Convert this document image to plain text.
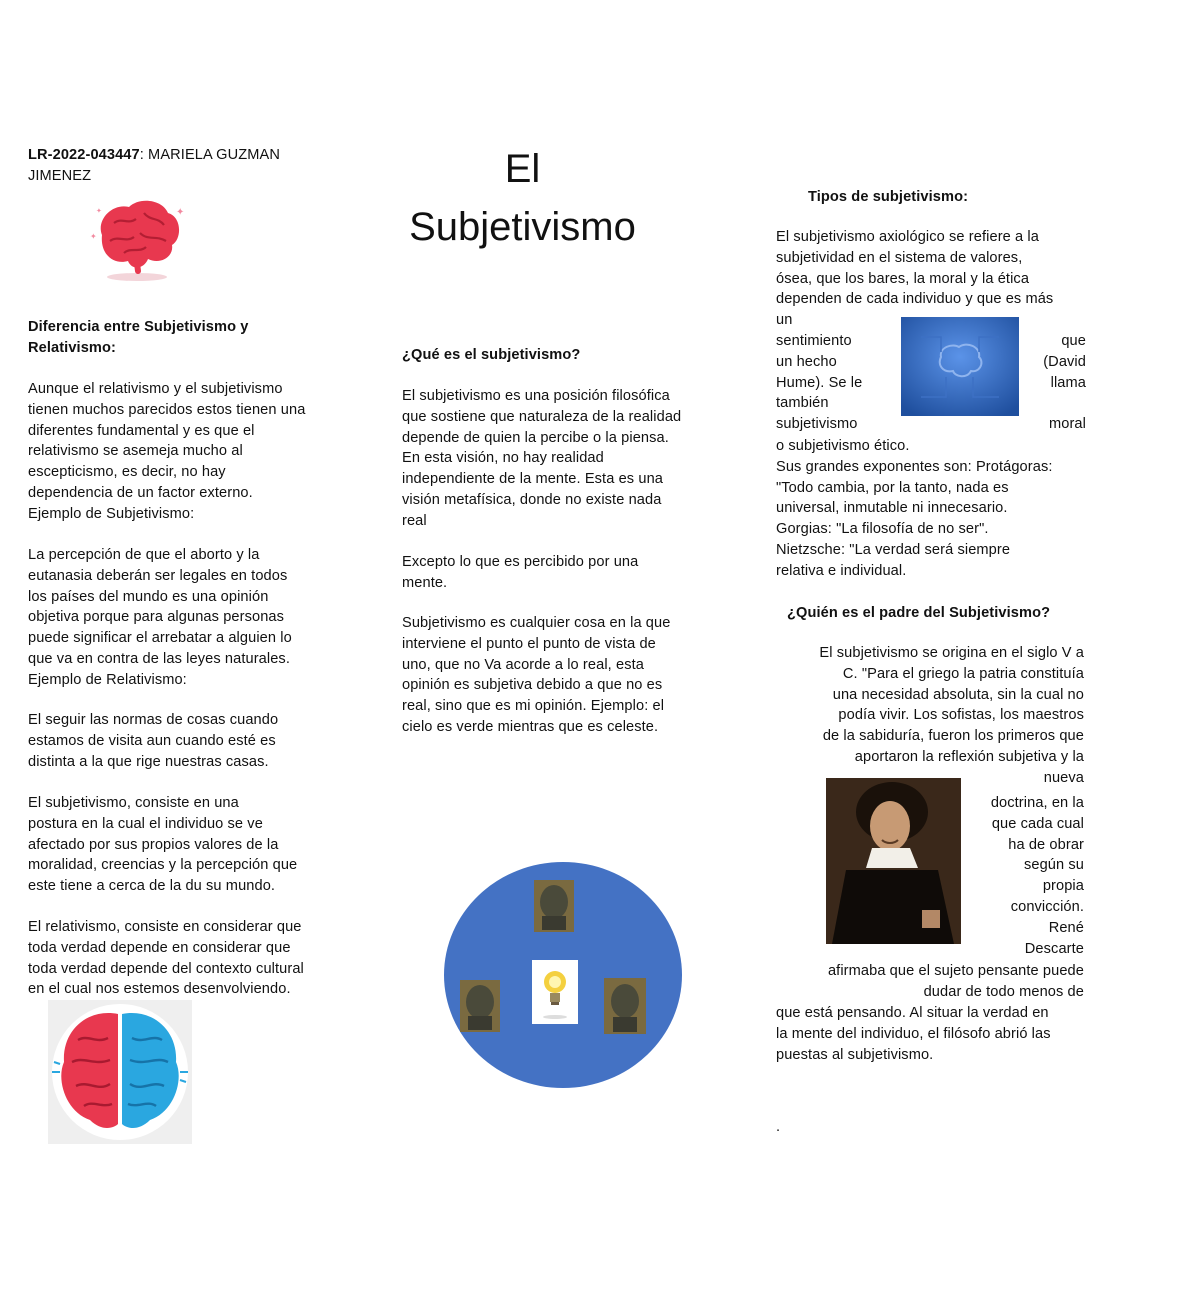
LR-2022-043447: MARIELA GUZMAN
JIMENEZ
✦
✦
✦
Diferencia entre Subjetivismo y
Relativismo:
Aunque el relativismo y el subjetivismo
tienen muchos parecidos estos tienen una
diferentes fundamental y es que el
relativismo se asemeja mucho al
escepticismo, es decir, no hay
dependencia de un factor externo.
Ejemplo de Subjetivismo:
La percepción de que el aborto y la
eutanasia deberán ser legales en todos
los países del mundo es una opinión
objetiva porque para algunas personas
puede significar el arrebatar a alguien lo
que va en contra de las leyes naturales.
Ejemplo de Relativismo:
El seguir las normas de cosas cuando
estamos de visita aun cuando esté es
distinta a la que rige nuestras casas.
El subjetivismo, consiste en una
postura en la cual el individuo se ve
afectado por sus propios valores de la
moralidad, creencias y la percepción que
este tiene a cerca de la du su mundo.
El relativismo, consiste en considerar que
toda verdad depende en considerar que
toda verdad depende del contexto cultural
en el cual nos estemos desenvolviendo.
El
Subjetivismo
¿Qué es el subjetivismo?
El subjetivismo es una posición filosófica
que sostiene que naturaleza de la realidad
depende de quien la percibe o la piensa.
En esta visión, no hay realidad
independiente de la mente. Esta es una
visión metafísica, donde no existe nada
real
Excepto lo que es percibido por una
mente.
Subjetivismo es cualquier cosa en la que
interviene el punto el punto de vista de
uno, que no Va acorde a lo real, esta
opinión es subjetiva debido a que no es
real, sino que es mi opinión. Ejemplo: el
cielo es verde mientras que es celeste.
Tipos de subjetivismo:
El subjetivismo axiológico se refiere a la
subjetividad en el sistema de valores,
ósea, que los bares, la moral y la ética
dependen de cada individuo y que es más
un
sentimiento
un hecho
Hume). Se le
también
subjetivismo
que
(David
llama

moral
o subjetivismo ético.
Sus grandes exponentes son: Protágoras:
"Todo cambia, por la tanto, nada es
universal, inmutable ni innecesario.
Gorgias: "La filosofía de no ser".
Nietzsche: "La verdad será siempre
relativa e individual.
¿Quién es el padre del Subjetivismo?
El subjetivismo se origina en el siglo V a
C. "Para el griego la patria constituía
una necesidad absoluta, sin la cual no
podía vivir. Los sofistas, los maestros
de la sabiduría, fueron los primeros que
aportaron la reflexión subjetiva y la
nueva
doctrina, en la
que cada cual
ha de obrar
según su
propia
convicción.
René
Descarte
afirmaba que el sujeto pensante puede
dudar de todo menos de
que está pensando. Al situar la verdad en
la mente del individuo, el filósofo abrió las
puestas al subjetivismo.
.
